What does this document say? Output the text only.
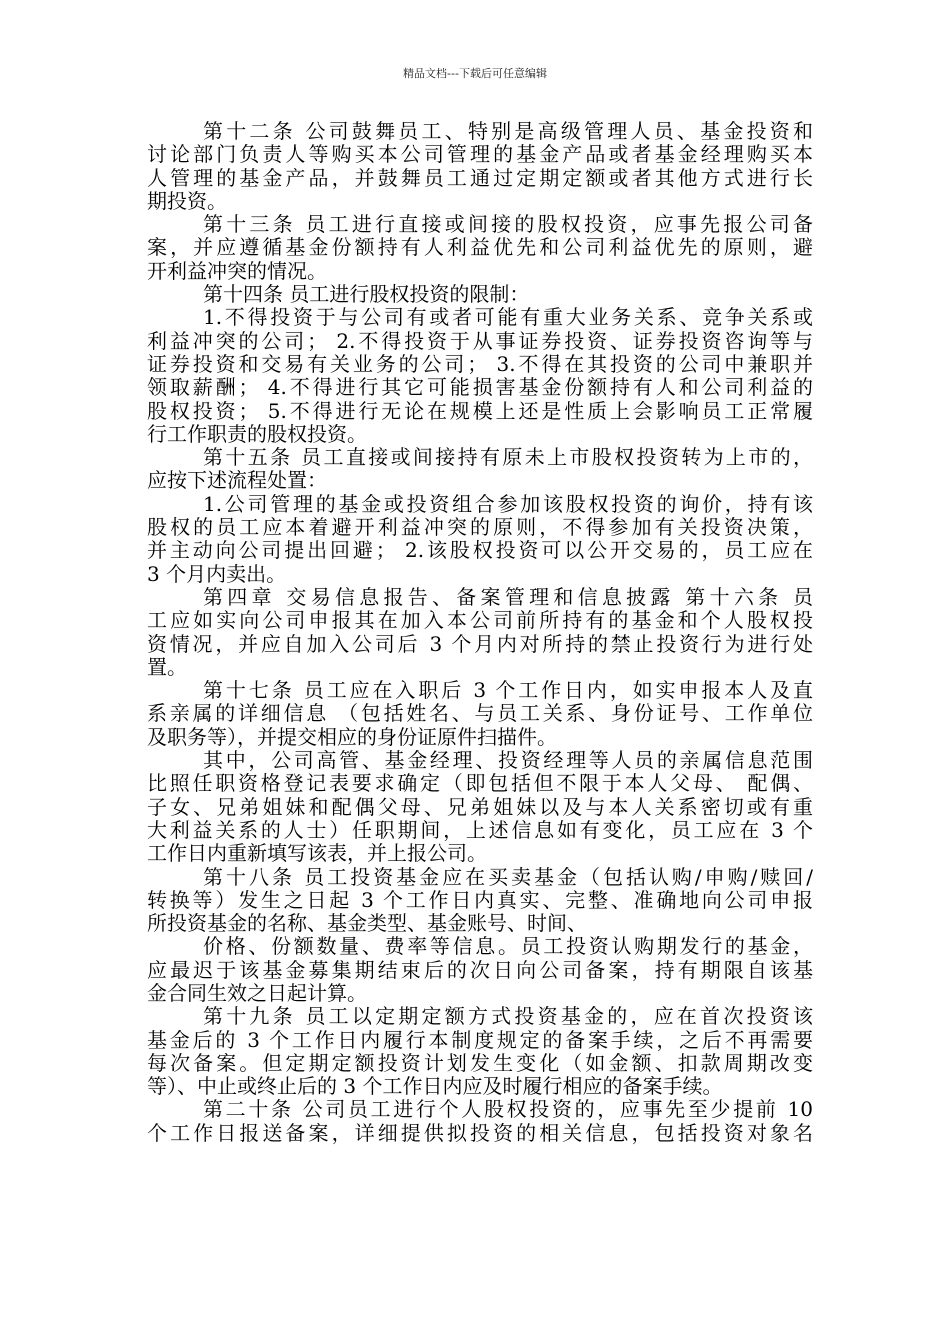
精品文档---下载后可任意编辑
第十二条 公司鼓舞员工、特别是高级管理人员、基金投资和
讨论部门负责人等购买本公司管理的基金产品或者基金经理购买本
人管理的基金产品，并鼓舞员工通过定期定额或者其他方式进行长
期投资。
第十三条 员工进行直接或间接的股权投资，应事先报公司备
案，并应遵循基金份额持有人利益优先和公司利益优先的原则，避
开利益冲突的情况。
第十四条 员工进行股权投资的限制：
1.不得投资于与公司有或者可能有重大业务关系、竞争关系或
利益冲突的公司； 2.不得投资于从事证券投资、证券投资咨询等与
证券投资和交易有关业务的公司； 3.不得在其投资的公司中兼职并
领取薪酬； 4.不得进行其它可能损害基金份额持有人和公司利益的
股权投资； 5.不得进行无论在规模上还是性质上会影响员工正常履
行工作职责的股权投资。
第十五条 员工直接或间接持有原未上市股权投资转为上市的，
应按下述流程处置：
1.公司管理的基金或投资组合参加该股权投资的询价，持有该
股权的员工应本着避开利益冲突的原则，不得参加有关投资决策，
并主动向公司提出回避； 2.该股权投资可以公开交易的，员工应在
3 个月内卖出。
第四章 交易信息报告、备案管理和信息披露 第十六条 员
工应如实向公司申报其在加入本公司前所持有的基金和个人股权投
资情况，并应自加入公司后 3 个月内对所持的禁止投资行为进行处
置。
第十七条 员工应在入职后 3 个工作日内，如实申报本人及直
系亲属的详细信息 （包括姓名、与员工关系、身份证号、工作单位
及职务等），并提交相应的身份证原件扫描件。
其中，公司高管、基金经理、投资经理等人员的亲属信息范围
比照任职资格登记表要求确定（即包括但不限于本人父母、 配偶、
子女、兄弟姐妹和配偶父母、兄弟姐妹以及与本人关系密切或有重
大利益关系的人士）任职期间，上述信息如有变化，员工应在 3 个
工作日内重新填写该表，并上报公司。
第十八条 员工投资基金应在买卖基金（包括认购/申购/赎回/
转换等）发生之日起 3 个工作日内真实、完整、准确地向公司申报
所投资基金的名称、基金类型、基金账号、时间、
价格、份额数量、费率等信息。员工投资认购期发行的基金，
应最迟于该基金募集期结束后的次日向公司备案，持有期限自该基
金合同生效之日起计算。
第十九条 员工以定期定额方式投资基金的，应在首次投资该
基金后的 3 个工作日内履行本制度规定的备案手续，之后不再需要
每次备案。但定期定额投资计划发生变化（如金额、扣款周期改变
等）、中止或终止后的 3 个工作日内应及时履行相应的备案手续。
第二十条 公司员工进行个人股权投资的，应事先至少提前 10
个工作日报送备案，详细提供拟投资的相关信息，包括投资对象名
